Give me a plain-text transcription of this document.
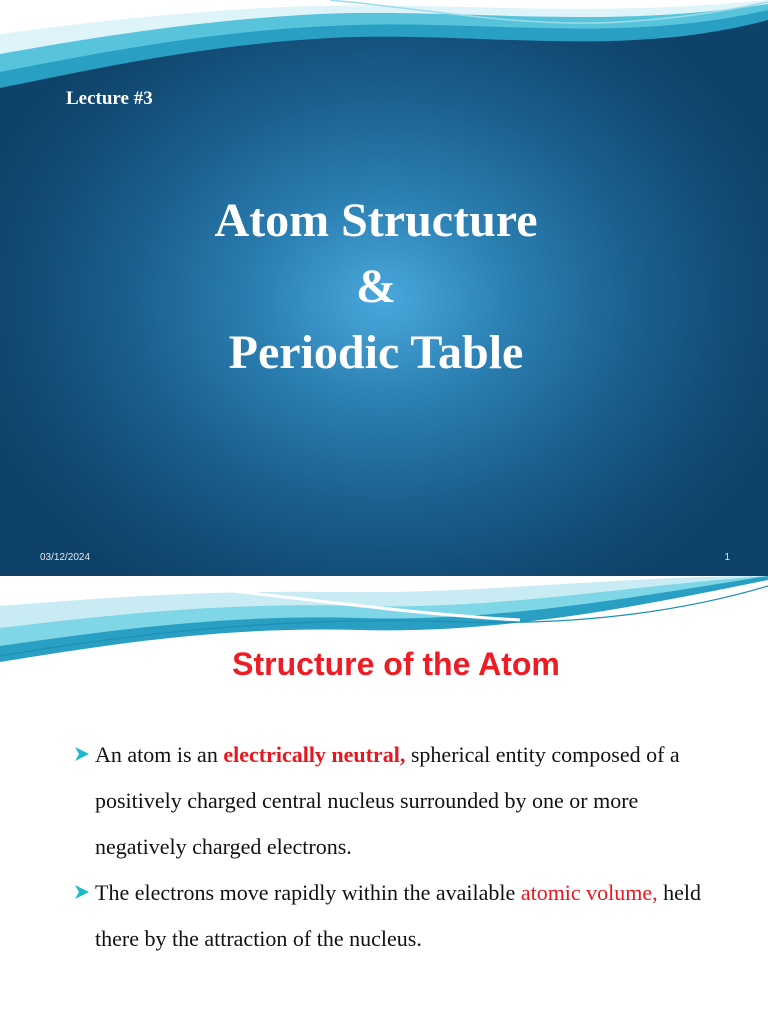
Lecture #3
Atom Structure
&
Periodic Table
03/12/2024	1
Structure of the Atom
An atom is an electrically neutral, spherical entity composed of a positively charged central nucleus surrounded by one or more negatively charged electrons.
The electrons move rapidly within the available atomic volume, held there by the attraction of the nucleus.
